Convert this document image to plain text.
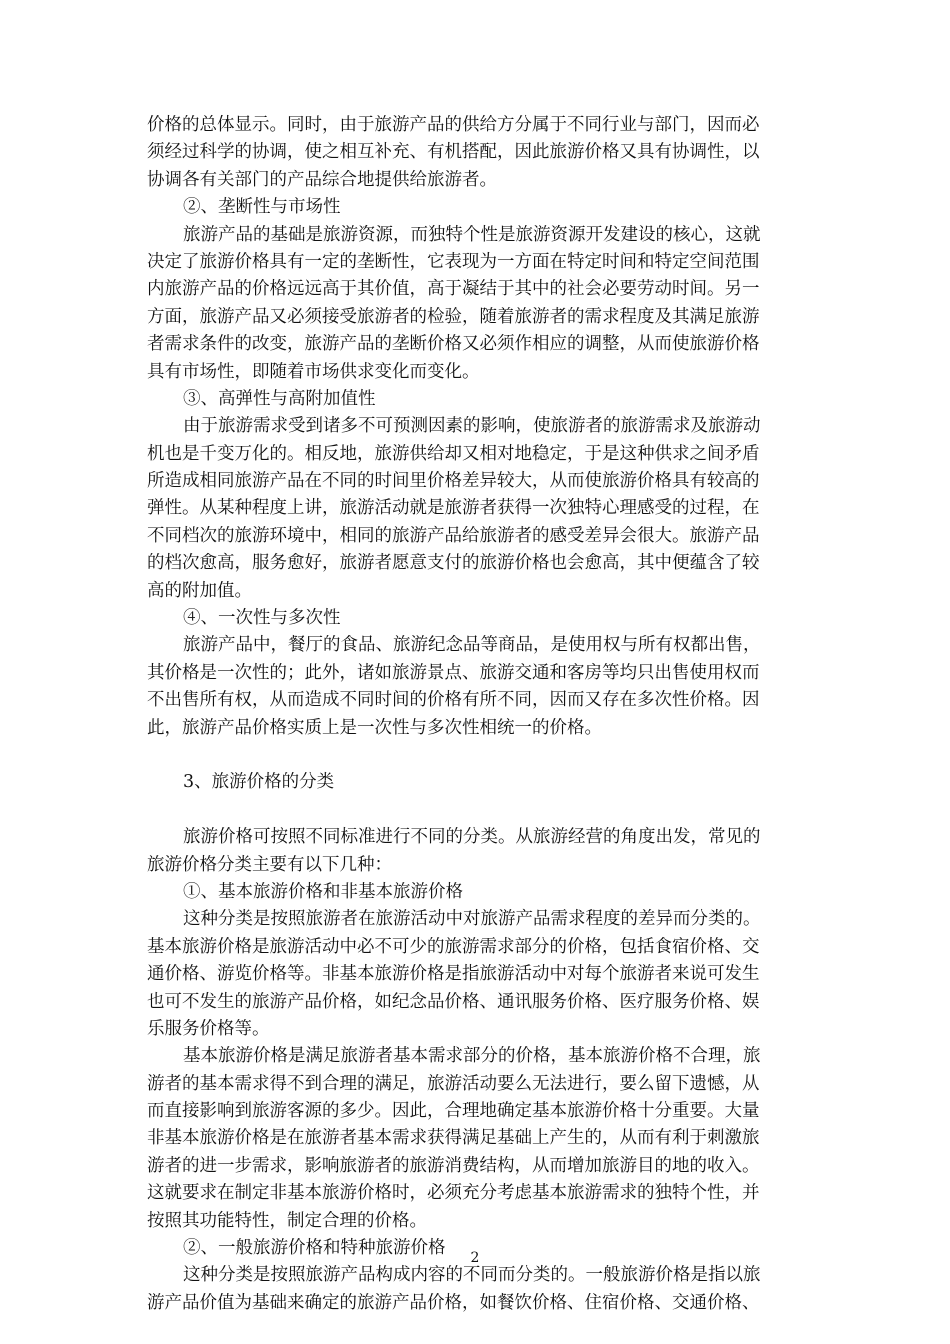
价格的总体显示。同时，由于旅游产品的供给方分属于不同行业与部门，因而必
须经过科学的协调，使之相互补充、有机搭配，因此旅游价格又具有协调性，以
协调各有关部门的产品综合地提供给旅游者。
②、垄断性与市场性
旅游产品的基础是旅游资源，而独特个性是旅游资源开发建设的核心，这就
决定了旅游价格具有一定的垄断性，它表现为一方面在特定时间和特定空间范围
内旅游产品的价格远远高于其价值，高于凝结于其中的社会必要劳动时间。另一
方面，旅游产品又必须接受旅游者的检验，随着旅游者的需求程度及其满足旅游
者需求条件的改变，旅游产品的垄断价格又必须作相应的调整，从而使旅游价格
具有市场性，即随着市场供求变化而变化。
③、高弹性与高附加值性
由于旅游需求受到诸多不可预测因素的影响，使旅游者的旅游需求及旅游动
机也是千变万化的。相反地，旅游供给却又相对地稳定，于是这种供求之间矛盾
所造成相同旅游产品在不同的时间里价格差异较大，从而使旅游价格具有较高的
弹性。从某种程度上讲，旅游活动就是旅游者获得一次独特心理感受的过程，在
不同档次的旅游环境中，相同的旅游产品给旅游者的感受差异会很大。旅游产品
的档次愈高，服务愈好，旅游者愿意支付的旅游价格也会愈高，其中便蕴含了较
高的附加值。
④、一次性与多次性
旅游产品中，餐厅的食品、旅游纪念品等商品，是使用权与所有权都出售，
其价格是一次性的；此外，诸如旅游景点、旅游交通和客房等均只出售使用权而
不出售所有权，从而造成不同时间的价格有所不同，因而又存在多次性价格。因
此，旅游产品价格实质上是一次性与多次性相统一的价格。
3、旅游价格的分类
旅游价格可按照不同标准进行不同的分类。从旅游经营的角度出发，常见的
旅游价格分类主要有以下几种：
①、基本旅游价格和非基本旅游价格
这种分类是按照旅游者在旅游活动中对旅游产品需求程度的差异而分类的。
基本旅游价格是旅游活动中必不可少的旅游需求部分的价格，包括食宿价格、交
通价格、游览价格等。非基本旅游价格是指旅游活动中对每个旅游者来说可发生
也可不发生的旅游产品价格，如纪念品价格、通讯服务价格、医疗服务价格、娱
乐服务价格等。
基本旅游价格是满足旅游者基本需求部分的价格，基本旅游价格不合理，旅
游者的基本需求得不到合理的满足，旅游活动要么无法进行，要么留下遗憾，从
而直接影响到旅游客源的多少。因此，合理地确定基本旅游价格十分重要。大量
非基本旅游价格是在旅游者基本需求获得满足基础上产生的，从而有利于刺激旅
游者的进一步需求，影响旅游者的旅游消费结构，从而增加旅游目的地的收入。
这就要求在制定非基本旅游价格时，必须充分考虑基本旅游需求的独特个性，并
按照其功能特性，制定合理的价格。
②、一般旅游价格和特种旅游价格
这种分类是按照旅游产品构成内容的不同而分类的。一般旅游价格是指以旅
游产品价值为基础来确定的旅游产品价格，如餐饮价格、住宿价格、交通价格、
2
